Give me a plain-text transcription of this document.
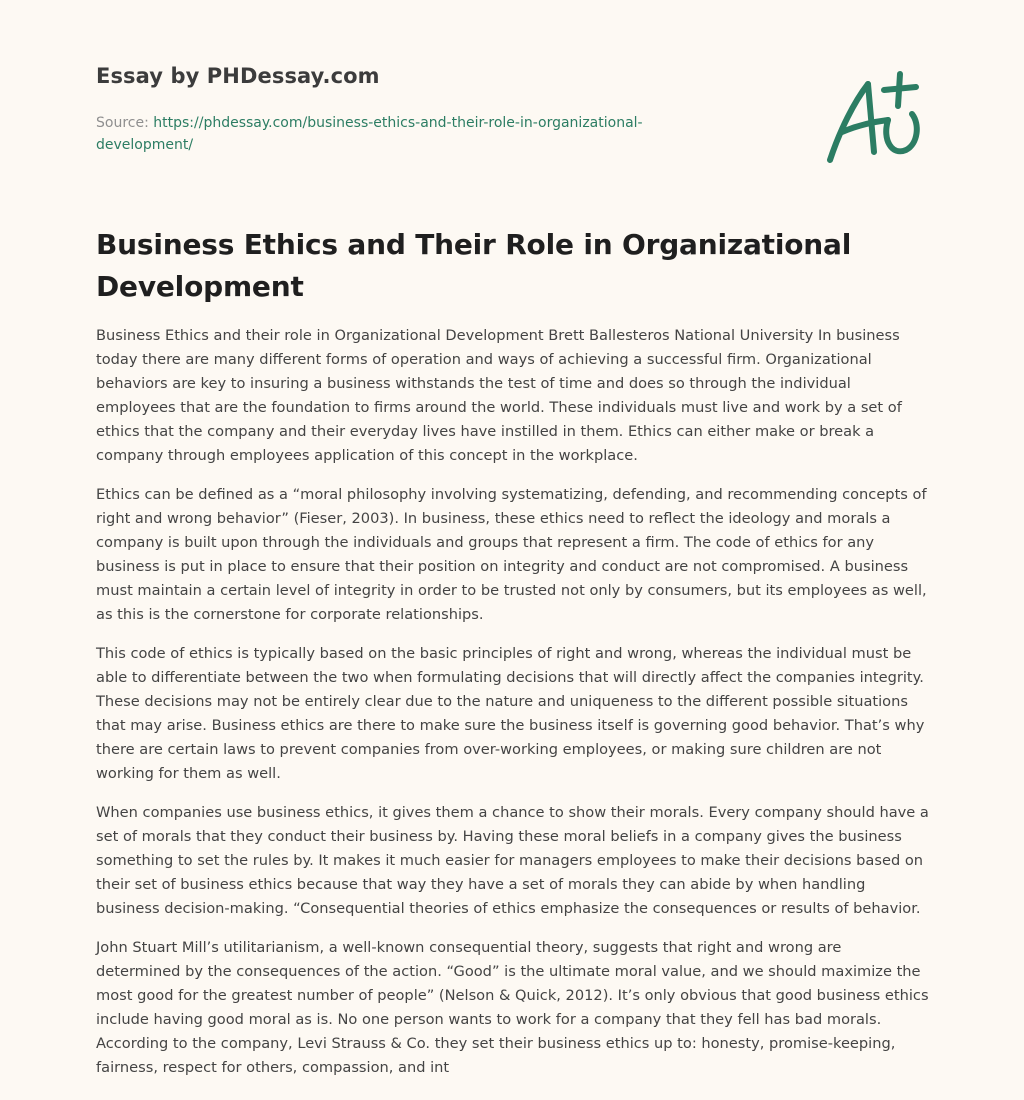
Essay by PHDessay.com
Source: https://phdessay.com/business-ethics-and-their-role-in-organizational-development/
Business Ethics and Their Role in Organizational Development

Business Ethics and their role in Organizational Development Brett Ballesteros National University In business today there are many different forms of operation and ways of achieving a successful firm. Organizational behaviors are key to insuring a business withstands the test of time and does so through the individual employees that are the foundation to firms around the world. These individuals must live and work by a set of ethics that the company and their everyday lives have instilled in them. Ethics can either make or break a company through employees application of this concept in the workplace.

Ethics can be defined as a “moral philosophy involving systematizing, defending, and recommending concepts of right and wrong behavior” (Fieser, 2003). In business, these ethics need to reflect the ideology and morals a company is built upon through the individuals and groups that represent a firm. The code of ethics for any business is put in place to ensure that their position on integrity and conduct are not compromised. A business must maintain a certain level of integrity in order to be trusted not only by consumers, but its employees as well, as this is the cornerstone for corporate relationships.

This code of ethics is typically based on the basic principles of right and wrong, whereas the individual must be able to differentiate between the two when formulating decisions that will directly affect the companies integrity. These decisions may not be entirely clear due to the nature and uniqueness to the different possible situations that may arise. Business ethics are there to make sure the business itself is governing good behavior. That’s why there are certain laws to prevent companies from over-working employees, or making sure children are not working for them as well.

When companies use business ethics, it gives them a chance to show their morals. Every company should have a set of morals that they conduct their business by. Having these moral beliefs in a company gives the business something to set the rules by. It makes it much easier for managers employees to make their decisions based on their set of business ethics because that way they have a set of morals they can abide by when handling business decision-making. “Consequential theories of ethics emphasize the consequences or results of behavior.

John Stuart Mill’s utilitarianism, a well-known consequential theory, suggests that right and wrong are determined by the consequences of the action. “Good” is the ultimate moral value, and we should maximize the most good for the greatest number of people” (Nelson & Quick, 2012). It’s only obvious that good business ethics include having good moral as is. No one person wants to work for a company that they fell has bad morals. According to the company, Levi Strauss & Co. they set their business ethics up to: honesty, promise-keeping, fairness, respect for others, compassion, and int
